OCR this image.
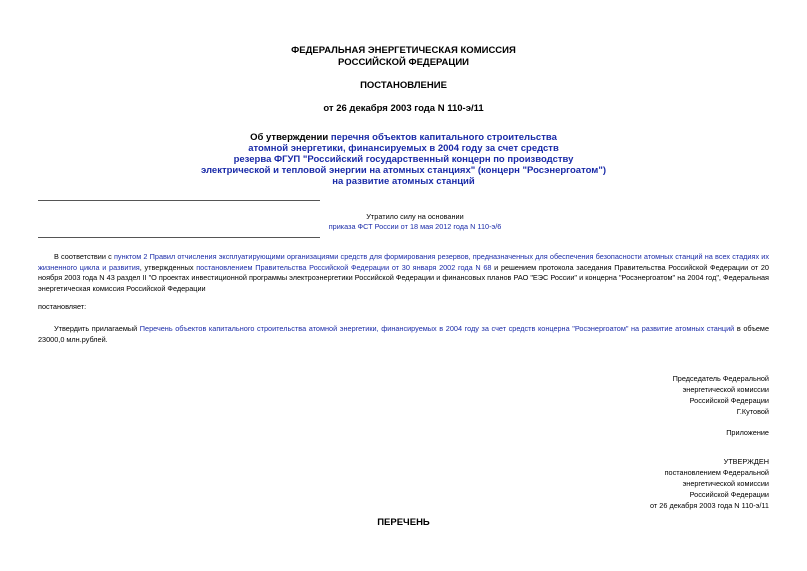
ФЕДЕРАЛЬНАЯ ЭНЕРГЕТИЧЕСКАЯ КОМИССИЯ
РОССИЙСКОЙ ФЕДЕРАЦИИ
ПОСТАНОВЛЕНИЕ
от 26 декабря 2003 года N 110-э/11
Об утверждении перечня объектов капитального строительства
атомной энергетики, финансируемых в 2004 году за счет средств
резерва ФГУП "Российский государственный концерн по производству
электрической и тепловой энергии на атомных станциях" (концерн "Росэнергоатом")
на развитие атомных станций
Утратило силу на основании
приказа ФСТ России от 18 мая 2012 года N 110-э/6
В соответствии с пунктом 2 Правил отчисления эксплуатирующими организациями средств для формирования резервов, предназначенных для обеспечения безопасности атомных станций на всех стадиях их жизненного цикла и развития, утвержденных постановлением Правительства Российской Федерации от 30 января 2002 года N 68 и решением протокола заседания Правительства Российской Федерации от 20 ноября 2003 года N 43 раздел II "О проектах инвестиционной программы электроэнергетики Российской Федерации и финансовых планов РАО "ЕЭС России" и концерна "Росэнергоатом" на 2004 год", Федеральная энергетическая комиссия Российской Федерации
постановляет:
Утвердить прилагаемый Перечень объектов капитального строительства атомной энергетики, финансируемых в 2004 году за счет средств концерна "Росэнергоатом" на развитие атомных станций в объеме 23000,0 млн.рублей.
Председатель Федеральной
энергетической комиссии
Российской Федерации
Г.Кутовой
Приложение
УТВЕРЖДЕН
постановлением Федеральной
энергетической комиссии
Российской Федерации
от 26 декабря 2003 года N 110-э/11
ПЕРЕЧЕНЬ
